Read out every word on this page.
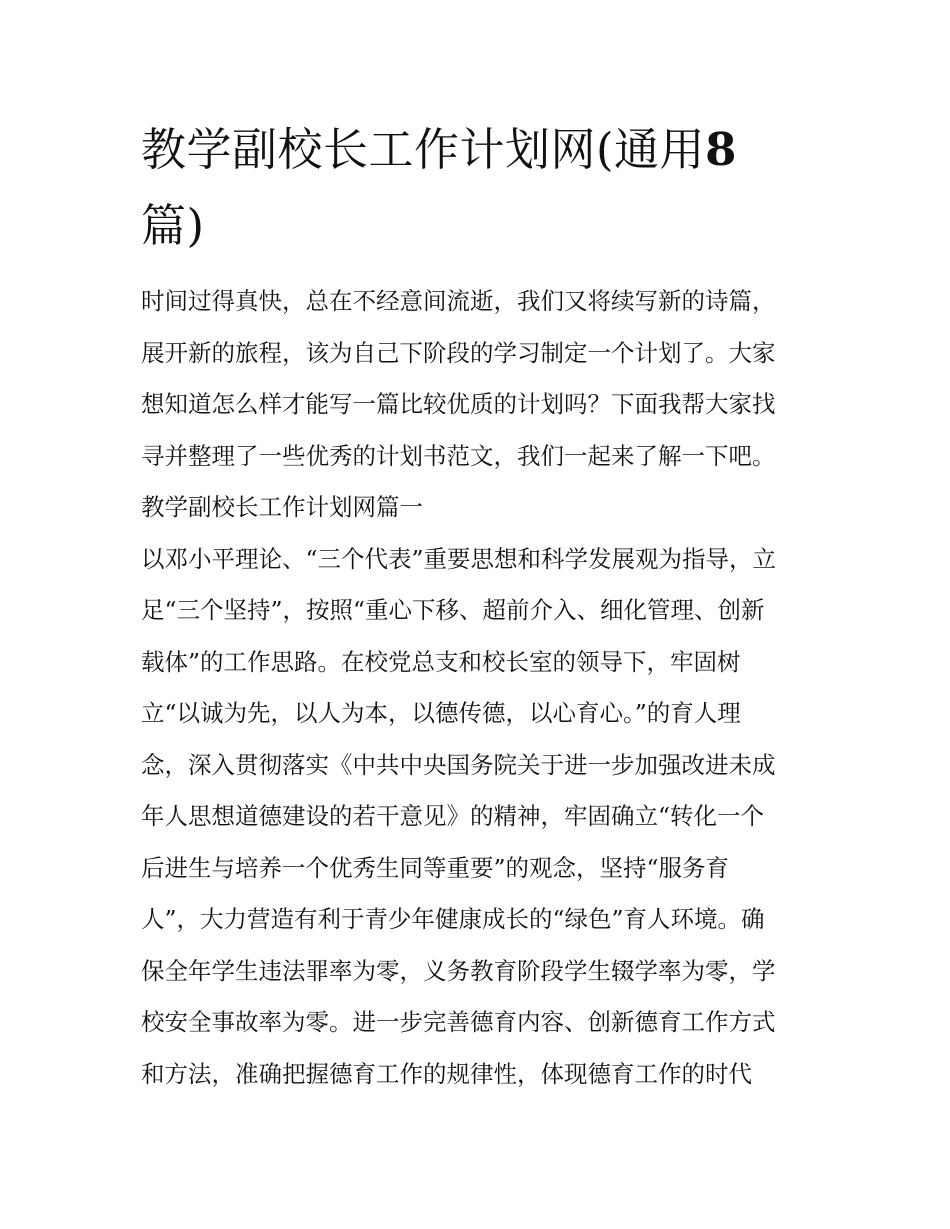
教学副校长工作计划网(通用8
篇)
时间过得真快，总在不经意间流逝，我们又将续写新的诗篇，
展开新的旅程，该为自己下阶段的学习制定一个计划了。大家
想知道怎么样才能写一篇比较优质的计划吗？下面我帮大家找
寻并整理了一些优秀的计划书范文，我们一起来了解一下吧。
教学副校长工作计划网篇一
以邓小平理论、“三个代表”重要思想和科学发展观为指导，立
足“三个坚持”，按照“重心下移、超前介入、细化管理、创新
载体”的工作思路。在校党总支和校长室的领导下，牢固树
立“以诚为先，以人为本，以德传德，以心育心。”的育人理
念，深入贯彻落实《中共中央国务院关于进一步加强改进未成
年人思想道德建设的若干意见》的精神，牢固确立“转化一个
后进生与培养一个优秀生同等重要”的观念，坚持“服务育
人”，大力营造有利于青少年健康成长的“绿色”育人环境。确
保全年学生违法罪率为零，义务教育阶段学生辍学率为零，学
校安全事故率为零。进一步完善德育内容、创新德育工作方式
和方法，准确把握德育工作的规律性，体现德育工作的时代
